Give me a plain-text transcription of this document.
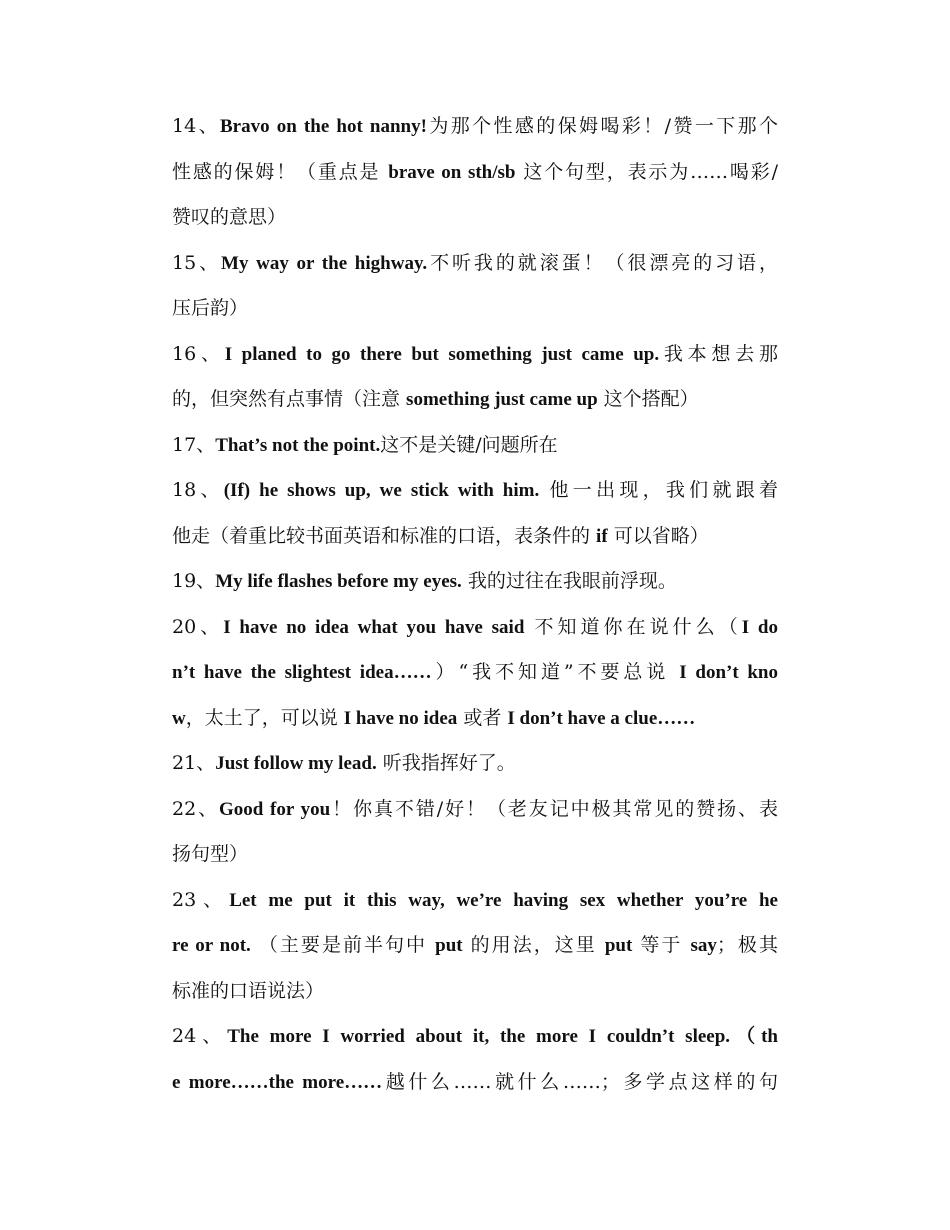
14、Bravo on the hot nanny!为那个性感的保姆喝彩！/赞一下那个
性感的保姆！（重点是 brave on sth/sb 这个句型，表示为……喝彩/
赞叹的意思）
15、My way or the highway.不听我的就滚蛋！（很漂亮的习语，
压后韵）
16、I planed to go there but something just came up.我本想去那
的，但突然有点事情（注意 something just came up 这个搭配）
17、That’s not the point.这不是关键/问题所在
18、(If) he shows up, we stick with him. 他一出现，我们就跟着
他走（着重比较书面英语和标准的口语，表条件的 if 可以省略）
19、My life flashes before my eyes. 我的过往在我眼前浮现。
20、I have no idea what you have said 不知道你在说什么（I do
n’t have the slightest idea……）“我不知道”不要总说 I don’t kno
w，太土了，可以说 I have no idea 或者 I don’t have a clue……
21、Just follow my lead. 听我指挥好了。
22、Good for you！你真不错/好！（老友记中极其常见的赞扬、表
扬句型）
23、Let me put it this way, we’re having sex whether you’re he
re or not. （主要是前半句中 put 的用法，这里 put 等于 say；极其
标准的口语说法）
24、The more I worried about it, the more I couldn’t sleep.（th
e more……the more……越什么……就什么……；多学点这样的句
